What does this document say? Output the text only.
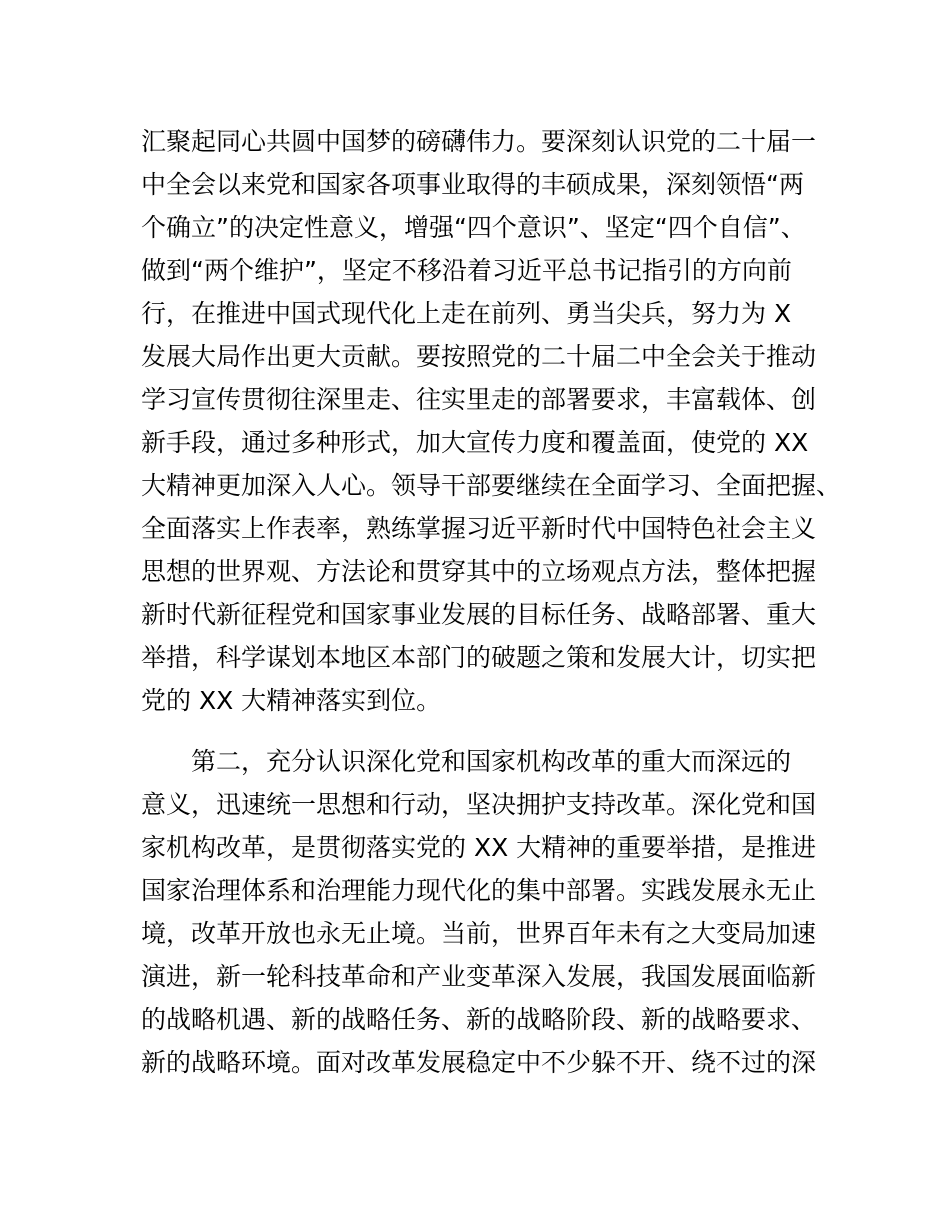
汇聚起同心共圆中国梦的磅礴伟力。要深刻认识党的二十届一

中全会以来党和国家各项事业取得的丰硕成果，深刻领悟“两

个确立”的决定性意义，增强“四个意识”、坚定“四个自信”、

做到“两个维护”，坚定不移沿着习近平总书记指引的方向前

行，在推进中国式现代化上走在前列、勇当尖兵，努力为 X

发展大局作出更大贡献。要按照党的二十届二中全会关于推动

学习宣传贯彻往深里走、往实里走的部署要求，丰富载体、创

新手段，通过多种形式，加大宣传力度和覆盖面，使党的 XX

大精神更加深入人心。领导干部要继续在全面学习、全面把握、

全面落实上作表率，熟练掌握习近平新时代中国特色社会主义

思想的世界观、方法论和贯穿其中的立场观点方法，整体把握

新时代新征程党和国家事业发展的目标任务、战略部署、重大

举措，科学谋划本地区本部门的破题之策和发展大计，切实把

党的 XX 大精神落实到位。

第二，充分认识深化党和国家机构改革的重大而深远的

意义，迅速统一思想和行动，坚决拥护支持改革。深化党和国

家机构改革，是贯彻落实党的 XX 大精神的重要举措，是推进

国家治理体系和治理能力现代化的集中部署。实践发展永无止

境，改革开放也永无止境。当前，世界百年未有之大变局加速

演进，新一轮科技革命和产业变革深入发展，我国发展面临新

的战略机遇、新的战略任务、新的战略阶段、新的战略要求、

新的战略环境。面对改革发展稳定中不少躲不开、绕不过的深
